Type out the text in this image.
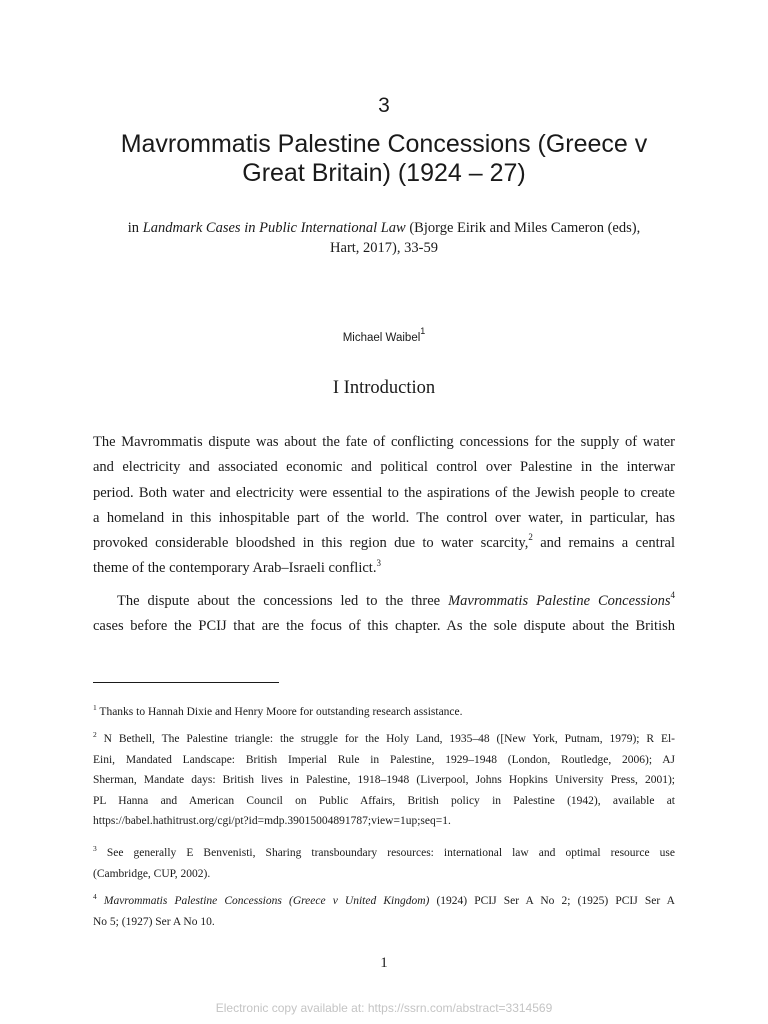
3
Mavrommatis Palestine Concessions (Greece v
Great Britain) (1924 – 27)
in Landmark Cases in Public International Law (Bjorge Eirik and Miles Cameron (eds),
Hart, 2017), 33-59
Michael Waibel$^1$
I Introduction
The Mavrommatis dispute was about the fate of conflicting concessions for the supply of water
and electricity and associated economic and political control over Palestine in the interwar
period. Both water and electricity were essential to the aspirations of the Jewish people to create
a homeland in this inhospitable part of the world. The control over water, in particular, has
provoked considerable bloodshed in this region due to water scarcity,$^2$ and remains a central
theme of the contemporary Arab–Israeli conflict.$^3$
The dispute about the concessions led to the three Mavrommatis Palestine Concessions$^4$
cases before the PCIJ that are the focus of this chapter. As the sole dispute about the British
$^1$ Thanks to Hannah Dixie and Henry Moore for outstanding research assistance.
$^2$ N Bethell, The Palestine triangle: the struggle for the Holy Land, 1935–48 ([New York, Putnam, 1979); R El-
Eini, Mandated Landscape: British Imperial Rule in Palestine, 1929–1948 (London, Routledge, 2006); AJ
Sherman, Mandate days: British lives in Palestine, 1918–1948 (Liverpool, Johns Hopkins University Press, 2001);
PL Hanna and American Council on Public Affairs, British policy in Palestine (1942), available at
https://babel.hathitrust.org/cgi/pt?id=mdp.39015004891787;view=1up;seq=1.
$^3$ See generally E Benvenisti, Sharing transboundary resources: international law and optimal resource use
(Cambridge, CUP, 2002).
$^4$ Mavrommatis Palestine Concessions (Greece v United Kingdom) (1924) PCIJ Ser A No 2; (1925) PCIJ Ser A
No 5; (1927) Ser A No 10.
1
Electronic copy available at: https://ssrn.com/abstract=3314569
